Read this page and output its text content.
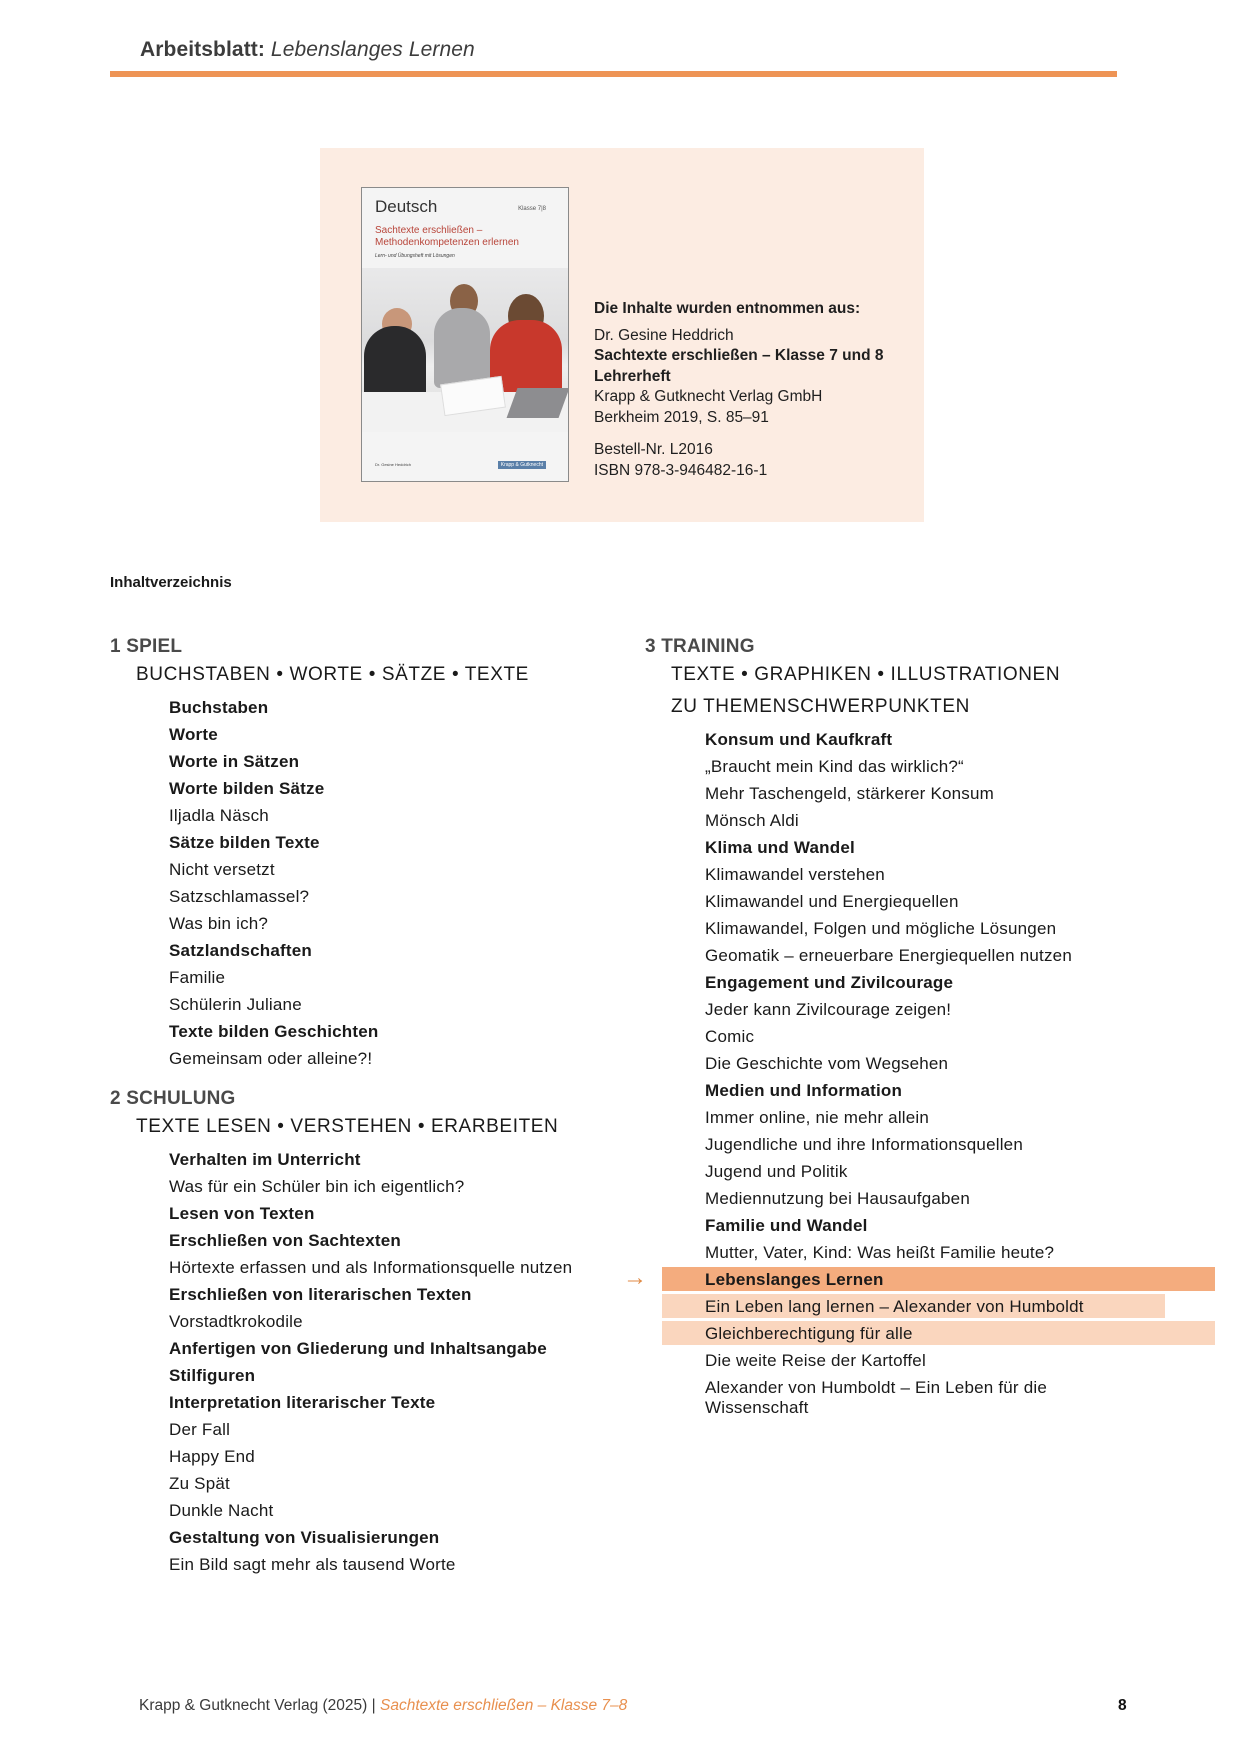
Arbeitsblatt: Lebenslanges Lernen
Deutsch	Klasse 7|8
Sachtexte erschließen – Methodenkompetenzen erlernen
Lern- und Übungsheft mit Lösungen
Dr. Gesine Heddrich	Krapp & Gutknecht
Die Inhalte wurden entnommen aus:
Dr. Gesine Heddrich
Sachtexte erschließen – Klasse 7 und 8
Lehrerheft
Krapp & Gutknecht Verlag GmbH
Berkheim 2019, S. 85–91
Bestell-Nr. L2016
ISBN 978-3-946482-16-1
Inhaltverzeichnis
1 SPIEL
BUCHSTABEN • WORTE • SÄTZE • TEXTE
Buchstaben
Worte
Worte in Sätzen
Worte bilden Sätze
Iljadla Näsch
Sätze bilden Texte
Nicht versetzt
Satzschlamassel?
Was bin ich?
Satzlandschaften
Familie
Schülerin Juliane
Texte bilden Geschichten
Gemeinsam oder alleine?!
2 SCHULUNG
TEXTE LESEN • VERSTEHEN • ERARBEITEN
Verhalten im Unterricht
Was für ein Schüler bin ich eigentlich?
Lesen von Texten
Erschließen von Sachtexten
Hörtexte erfassen und als Informationsquelle nutzen
Erschließen von literarischen Texten
Vorstadtkrokodile
Anfertigen von Gliederung und Inhaltsangabe
Stilfiguren
Interpretation literarischer Texte
Der Fall
Happy End
Zu Spät
Dunkle Nacht
Gestaltung von Visualisierungen
Ein Bild sagt mehr als tausend Worte
3 TRAINING
TEXTE • GRAPHIKEN • ILLUSTRATIONEN
ZU THEMENSCHWERPUNKTEN
Konsum und Kaufkraft
„Braucht mein Kind das wirklich?“
Mehr Taschengeld, stärkerer Konsum
Mönsch Aldi
Klima und Wandel
Klimawandel verstehen
Klimawandel und Energiequellen
Klimawandel, Folgen und mögliche Lösungen
Geomatik – erneuerbare Energiequellen nutzen
Engagement und Zivilcourage
Jeder kann Zivilcourage zeigen!
Comic
Die Geschichte vom Wegsehen
Medien und Information
Immer online, nie mehr allein
Jugendliche und ihre Informationsquellen
Jugend und Politik
Mediennutzung bei Hausaufgaben
Familie und Wandel
Mutter, Vater, Kind: Was heißt Familie heute?
→	Lebenslanges Lernen
Ein Leben lang lernen – Alexander von Humboldt
Gleichberechtigung für alle
Die weite Reise der Kartoffel
Alexander von Humboldt – Ein Leben für die Wissenschaft
Krapp & Gutknecht Verlag (2025) | Sachtexte erschließen – Klasse 7–8	8
